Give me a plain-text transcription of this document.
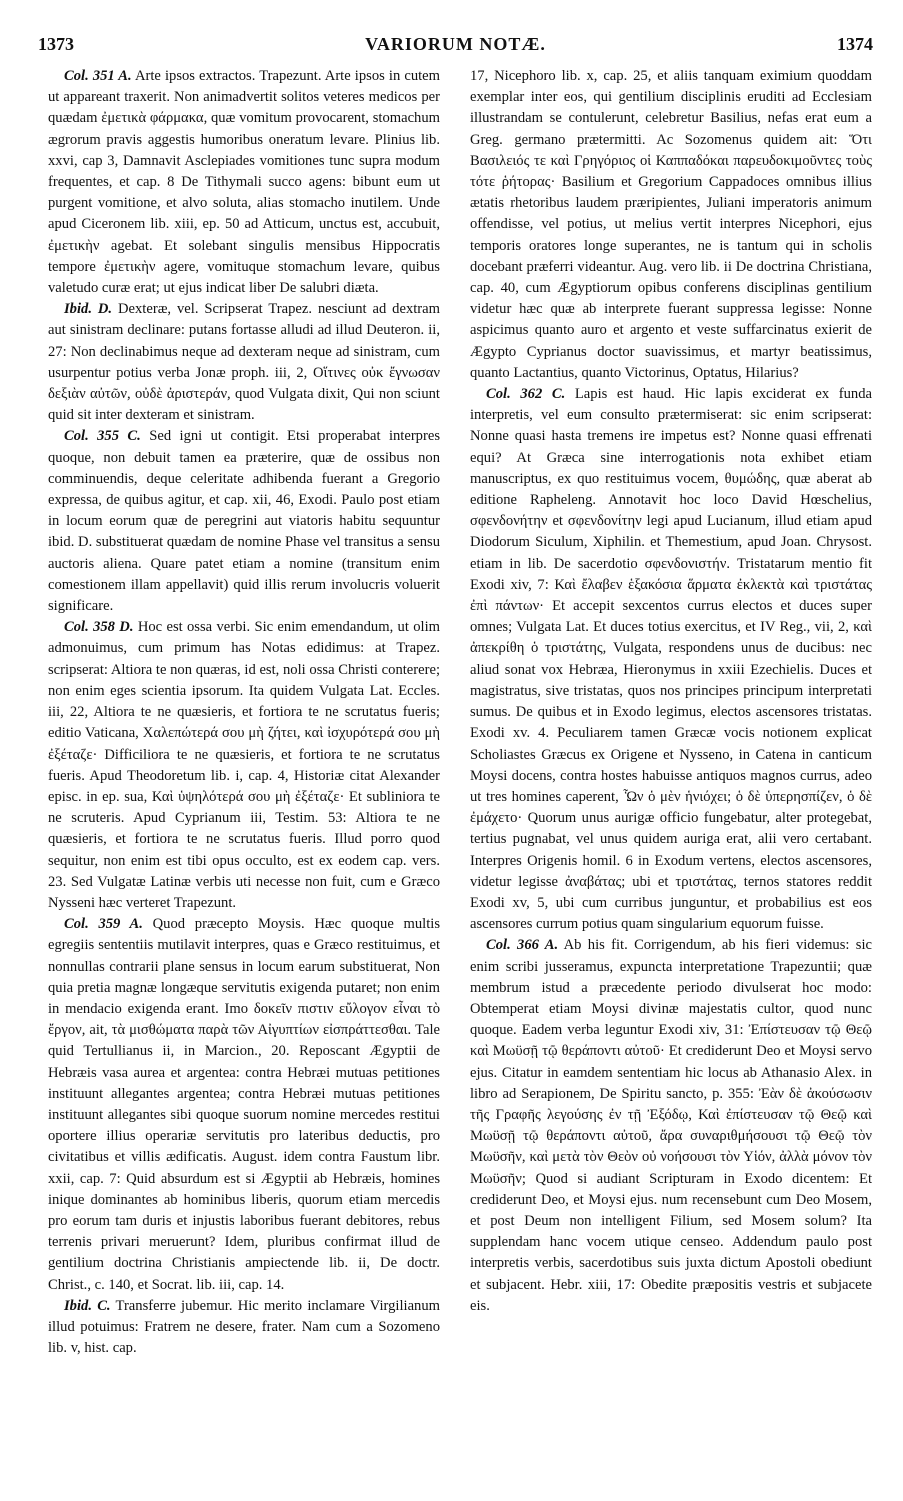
1373	VARIORUM NOTÆ.	1374

Col. 351 A. Arte ipsos extractos. Trapezunt. Arte ipsos in cutem ut appareant traxerit. Non animadvertit solitos veteres medicos per quædam ἐμετικὰ φάρμακα, quæ vomitum provocarent, stomachum ægrorum pravis aggestis humoribus oneratum levare. Plinius lib. xxvi, cap 3, Damnavit Asclepiades vomitiones tunc supra modum frequentes, et cap. 8 De Tithymali succo agens: bibunt eum ut purgent vomitione, et alvo soluta, alias stomacho inutilem. Unde apud Ciceronem lib. xiii, ep. 50 ad Atticum, unctus est, accubuit, ἐμετικὴν agebat. Et solebant singulis mensibus Hippocratis tempore ἐμετικὴν agere, vomituque stomachum levare, quibus valetudo curæ erat; ut ejus indicat liber De salubri diæta.

Ibid. D. Dexteræ, vel. Scripserat Trapez. nesciunt ad dextram aut sinistram declinare: putans fortasse alludi ad illud Deuteron. ii, 27: Non declinabimus neque ad dexteram neque ad sinistram, cum usurpentur potius verba Jonæ proph. iii, 2, Οἵτινες οὐκ ἔγνωσαν δεξιὰν αὐτῶν, οὐδὲ ἀριστεράν, quod Vulgata dixit, Qui non sciunt quid sit inter dexteram et sinistram.

Col. 355 C. Sed igni ut contigit. Etsi properabat interpres quoque, non debuit tamen ea præterire, quæ de ossibus non comminuendis, deque celeritate adhibenda fuerant a Gregorio expressa, de quibus agitur, et cap. xii, 46, Exodi. Paulo post etiam in locum eorum quæ de peregrini aut viatoris habitu sequuntur ibid. D. substituerat quædam de nomine Phase vel transitus a sensu auctoris aliena. Quare patet etiam a nomine (transitum enim comestionem illam appellavit) quid illis rerum involucris voluerit significare.

Col. 358 D. Hoc est ossa verbi. Sic enim emendandum, ut olim admonuimus, cum primum has Notas edidimus: at Trapez. scripserat: Altiora te non quæras, id est, noli ossa Christi conterere; non enim eges scientia ipsorum. Ita quidem Vulgata Lat. Eccles. iii, 22, Altiora te ne quæsieris, et fortiora te ne scrutatus fueris; editio Vaticana, Χαλεπώτερά σου μὴ ζήτει, καὶ ἰσχυρότερά σου μὴ ἐξέταζε· Difficiliora te ne quæsieris, et fortiora te ne scrutatus fueris. Apud Theodoretum lib. i, cap. 4, Historiæ citat Alexander episc. in ep. sua, Καὶ ὑψηλότερά σου μὴ ἐξέταζε· Et subliniora te ne scruteris. Apud Cyprianum iii, Testim. 53: Altiora te ne quæsieris, et fortiora te ne scrutatus fueris. Illud porro quod sequitur, non enim est tibi opus occulto, est ex eodem cap. vers. 23. Sed Vulgatæ Latinæ verbis uti necesse non fuit, cum e Græco Nysseni hæc verteret Trapezunt.

Col. 359 A. Quod præcepto Moysis. Hæc quoque multis egregiis sententiis mutilavit interpres, quas e Græco restituimus, et nonnullas contrarii plane sensus in locum earum substituerat, Non quia pretia magnæ longæque servitutis exigenda putaret; non enim in mendacio exigenda erant. Imo δοκεῖν πιστιν εὔλογον εἶναι τὸ ἔργον, ait, τὰ μισθώματα παρὰ τῶν Αἰγυπτίων εἰσπράττεσθαι. Tale quid Tertullianus ii, in Marcion., 20. Reposcant Ægyptii de Hebræis vasa aurea et argentea: contra Hebræi mutuas petitiones instituunt allegantes argentea; contra Hebræi mutuas petitiones instituunt allegantes sibi quoque suorum nomine mercedes restitui oportere illius operariæ servitutis pro lateribus deductis, pro civitatibus et villis ædificatis. August. idem contra Faustum libr. xxii, cap. 7: Quid absurdum est si Ægyptii ab Hebræis, homines inique dominantes ab hominibus liberis, quorum etiam mercedis pro eorum tam duris et injustis laboribus fuerant debitores, rebus terrenis privari meruerunt? Idem, pluribus confirmat illud de gentilium doctrina Christianis ampiectende lib. ii, De doctr. Christ., c. 140, et Socrat. lib. iii, cap. 14.

Ibid. C. Transferre jubemur. Hic merito inclamare Virgilianum illud potuimus: Fratrem ne desere, frater. Nam cum a Sozomeno lib. v, hist. cap.

17, Nicephoro lib. x, cap. 25, et aliis tanquam eximium quoddam exemplar inter eos, qui gentilium disciplinis eruditi ad Ecclesiam illustrandam se contulerunt, celebretur Basilius, nefas erat eum a Greg. germano prætermitti. Ac Sozomenus quidem ait: Ὅτι Βασιλειός τε καὶ Γρηγόριος οἱ Καππαδόκαι παρευδοκιμοῦντες τοὺς τότε ῥήτορας· Basilium et Gregorium Cappadoces omnibus illius ætatis rhetoribus laudem præripientes, Juliani imperatoris animum offendisse, vel potius, ut melius vertit interpres Nicephori, ejus temporis oratores longe superantes, ne is tantum qui in scholis docebant præferri videantur. Aug. vero lib. ii De doctrina Christiana, cap. 40, cum Ægyptiorum opibus conferens disciplinas gentilium videtur hæc quæ ab interprete fuerant suppressa legisse: Nonne aspicimus quanto auro et argento et veste suffarcinatus exierit de Ægypto Cyprianus doctor suavissimus, et martyr beatissimus, quanto Lactantius, quanto Victorinus, Optatus, Hilarius?

Col. 362 C. Lapis est haud. Hic lapis exciderat ex funda interpretis, vel eum consulto prætermiserat: sic enim scripserat: Nonne quasi hasta tremens ire impetus est? Nonne quasi effrenati equi? At Græca sine interrogationis nota exhibet etiam manuscriptus, ex quo restituimus vocem, θυμώδης, quæ aberat ab editione Rapheleng. Annotavit hoc loco David Hœschelius, σφενδονήτην et σφενδονίτην legi apud Lucianum, illud etiam apud Diodorum Siculum, Xiphilin. et Themestium, apud Joan. Chrysost. etiam in lib. De sacerdotio σφενδονιστήν. Tristatarum mentio fit Exodi xiv, 7: Καὶ ἔλαβεν ἑξακόσια ἅρματα ἐκλεκτὰ καὶ τριστάτας ἐπὶ πάντων· Et accepit sexcentos currus electos et duces super omnes; Vulgata Lat. Et duces totius exercitus, et IV Reg., vii, 2, καὶ ἀπεκρίθη ὁ τριστάτης, Vulgata, respondens unus de ducibus: nec aliud sonat vox Hebræa, Hieronymus in xxiii Ezechielis. Duces et magistratus, sive tristatas, quos nos principes principum interpretati sumus. De quibus et in Exodo legimus, electos ascensores tristatas. Exodi xv. 4. Peculiarem tamen Græcæ vocis notionem explicat Scholiastes Græcus ex Origene et Nysseno, in Catena in canticum Moysi docens, contra hostes habuisse antiquos magnos currus, adeo ut tres homines caperent, Ὧν ὁ μὲν ἡνιόχει; ὁ δὲ ὑπερησπίζεν, ὁ δὲ ἐμάχετο· Quorum unus aurigæ officio fungebatur, alter protegebat, tertius pugnabat, vel unus quidem auriga erat, alii vero certabant. Interpres Origenis homil. 6 in Exodum vertens, electos ascensores, videtur legisse ἀναβάτας; ubi et τριστάτας, ternos statores reddit Exodi xv, 5, ubi cum curribus junguntur, et probabilius est eos ascensores currum potius quam singularium equorum fuisse.

Col. 366 A. Ab his fit. Corrigendum, ab his fieri videmus: sic enim scribi jusseramus, expuncta interpretatione Trapezuntii; quæ membrum istud a præcedente periodo divulserat hoc modo: Obtemperat etiam Moysi divinæ majestatis cultor, quod nunc quoque. Eadem verba leguntur Exodi xiv, 31: Ἐπίστευσαν τῷ Θεῷ καὶ Μωϋσῇ τῷ θεράποντι αὐτοῦ· Et crediderunt Deo et Moysi servo ejus. Citatur in eamdem sententiam hic locus ab Athanasio Alex. in libro ad Serapionem, De Spiritu sancto, p. 355: Ἐὰν δὲ ἀκούσωσιν τῆς Γραφῆς λεγούσης ἐν τῇ Ἐξόδῳ, Καὶ ἐπίστευσαν τῷ Θεῷ καὶ Μωϋσῇ τῷ θεράποντι αὐτοῦ, ἄρα συναριθμήσουσι τῷ Θεῷ τὸν Μωϋσῆν, καὶ μετὰ τὸν Θεὸν οὐ νοήσουσι τὸν Υἱόν, ἀλλὰ μόνον τὸν Μωϋσῆν; Quod si audiant Scripturam in Exodo dicentem: Et crediderunt Deo, et Moysi ejus. num recensebunt cum Deo Mosem, et post Deum non intelligent Filium, sed Mosem solum? Ita supplendam hanc vocem utique censeo. Addendum paulo post interpretis verbis, sacerdotibus suis juxta dictum Apostoli obediunt et subjacent. Hebr. xiii, 17: Obedite præpositis vestris et subjacete eis.
